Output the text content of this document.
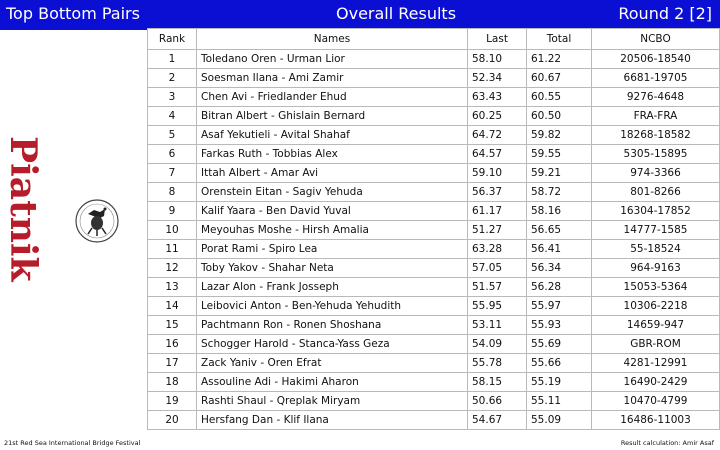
Top Bottom Pairs	Overall Results	Round 2 [2]
Piatnik
Rank	Names	Last	Total	NCBO
1	Toledano Oren - Urman Lior	58.10	61.22	20506-18540
2	Soesman Ilana - Ami Zamir	52.34	60.67	6681-19705
3	Chen Avi - Friedlander Ehud	63.43	60.55	9276-4648
4	Bitran Albert - Ghislain Bernard	60.25	60.50	FRA-FRA
5	Asaf Yekutieli - Avital Shahaf	64.72	59.82	18268-18582
6	Farkas Ruth - Tobbias Alex	64.57	59.55	5305-15895
7	Ittah Albert - Amar Avi	59.10	59.21	974-3366
8	Orenstein Eitan - Sagiv Yehuda	56.37	58.72	801-8266
9	Kalif Yaara - Ben David Yuval	61.17	58.16	16304-17852
10	Meyouhas Moshe - Hirsh Amalia	51.27	56.65	14777-1585
11	Porat Rami - Spiro Lea	63.28	56.41	55-18524
12	Toby Yakov - Shahar Neta	57.05	56.34	964-9163
13	Lazar Alon - Frank Josseph	51.57	56.28	15053-5364
14	Leibovici Anton - Ben-Yehuda Yehudith	55.95	55.97	10306-2218
15	Pachtmann Ron - Ronen Shoshana	53.11	55.93	14659-947
16	Schogger Harold - Stanca-Yass Geza	54.09	55.69	GBR-ROM
17	Zack Yaniv - Oren Efrat	55.78	55.66	4281-12991
18	Assouline Adi - Hakimi Aharon	58.15	55.19	16490-2429
19	Rashti Shaul - Qreplak Miryam	50.66	55.11	10470-4799
20	Hersfang Dan - Klif Ilana	54.67	55.09	16486-11003
21st Red Sea International Bridge Festival	Result calculation: Amir Asaf
